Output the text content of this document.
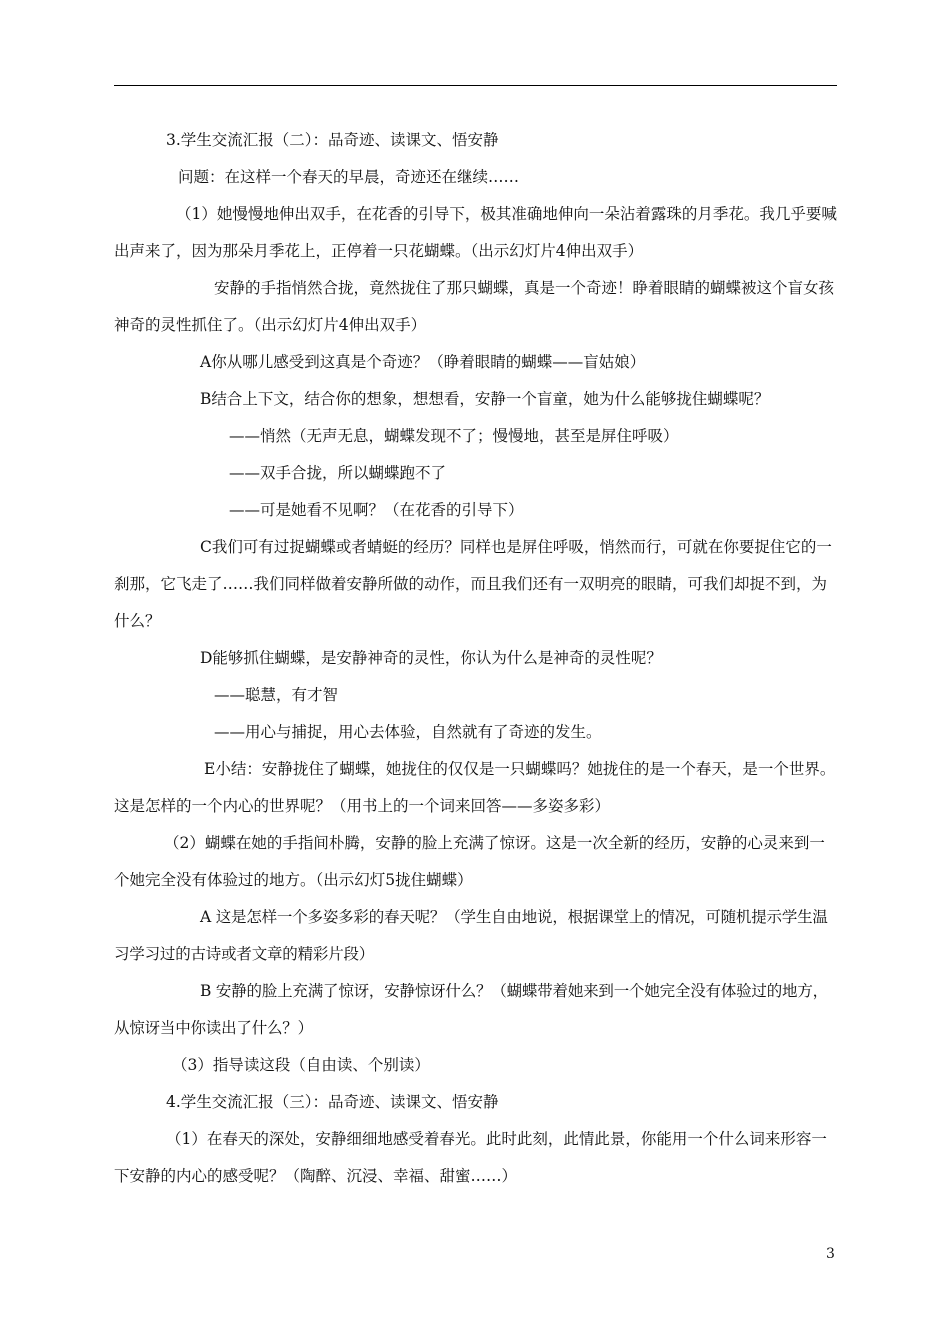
3.学生交流汇报（二）：品奇迹、读课文、悟安静

问题：在这样一个春天的早晨，奇迹还在继续……

（1）她慢慢地伸出双手，在花香的引导下，极其准确地伸向一朵沾着露珠的月季花。我几乎要喊出声来了，因为那朵月季花上，正停着一只花蝴蝶。（出示幻灯片4伸出双手）

安静的手指悄然合拢，竟然拢住了那只蝴蝶，真是一个奇迹！睁着眼睛的蝴蝶被这个盲女孩神奇的灵性抓住了。（出示幻灯片4伸出双手）

A你从哪儿感受到这真是个奇迹？（睁着眼睛的蝴蝶——盲姑娘）

B结合上下文，结合你的想象，想想看，安静一个盲童，她为什么能够拢住蝴蝶呢？

——悄然（无声无息，蝴蝶发现不了；慢慢地，甚至是屏住呼吸）

——双手合拢，所以蝴蝶跑不了

——可是她看不见啊？（在花香的引导下）

C我们可有过捉蝴蝶或者蜻蜓的经历？同样也是屏住呼吸，悄然而行，可就在你要捉住它的一刹那，它飞走了……我们同样做着安静所做的动作，而且我们还有一双明亮的眼睛，可我们却捉不到，为什么？

D能够抓住蝴蝶，是安静神奇的灵性，你认为什么是神奇的灵性呢？

——聪慧，有才智

——用心与捕捉，用心去体验，自然就有了奇迹的发生。

E小结：安静拢住了蝴蝶，她拢住的仅仅是一只蝴蝶吗？她拢住的是一个春天，是一个世界。这是怎样的一个内心的世界呢？（用书上的一个词来回答——多姿多彩）

（2）蝴蝶在她的手指间朴腾，安静的脸上充满了惊讶。这是一次全新的经历，安静的心灵来到一个她完全没有体验过的地方。（出示幻灯5拢住蝴蝶）

A 这是怎样一个多姿多彩的春天呢？（学生自由地说，根据课堂上的情况，可随机提示学生温习学习过的古诗或者文章的精彩片段）

B 安静的脸上充满了惊讶，安静惊讶什么？（蝴蝶带着她来到一个她完全没有体验过的地方，从惊讶当中你读出了什么？）

（3）指导读这段（自由读、个别读）

4.学生交流汇报（三）：品奇迹、读课文、悟安静

（1）在春天的深处，安静细细地感受着春光。此时此刻，此情此景，你能用一个什么词来形容一下安静的内心的感受呢？（陶醉、沉浸、幸福、甜蜜……）

3
